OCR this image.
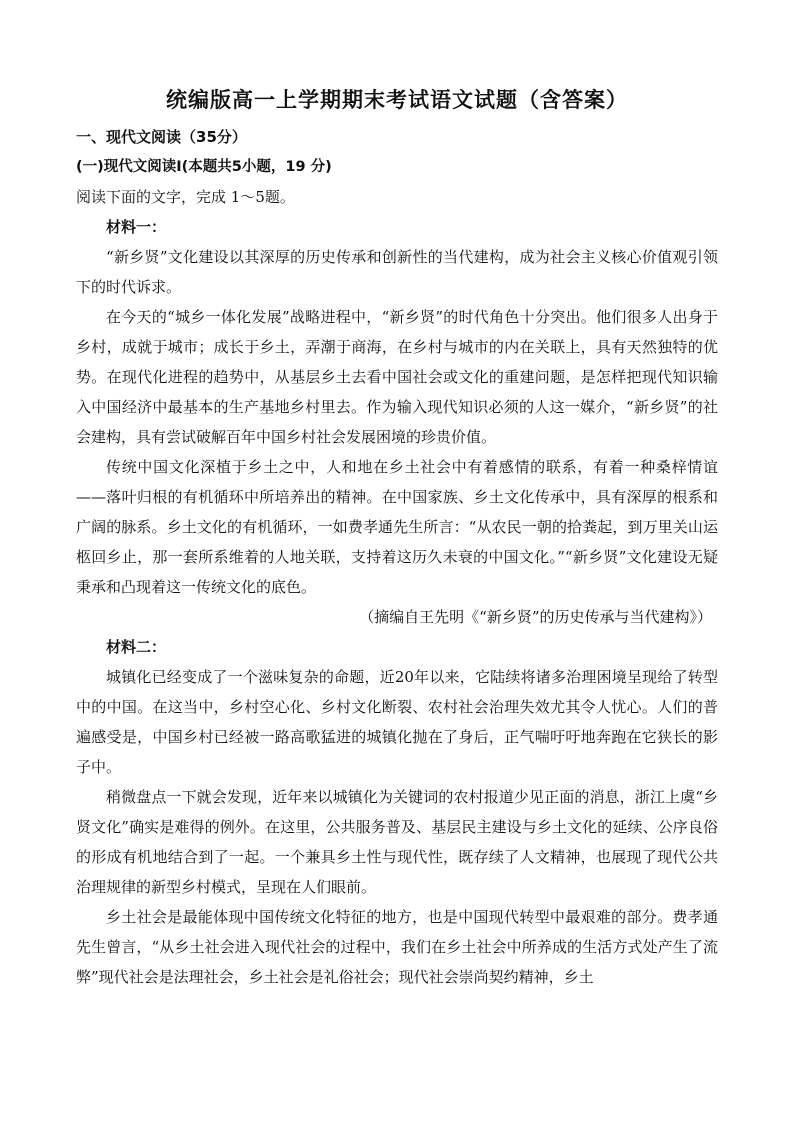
统编版高一上学期期末考试语文试题（含答案）

一、现代文阅读（35分）

(一)现代文阅读Ⅰ(本题共5小题，19 分)

阅读下面的文字，完成 1～5题。

材料一：

“新乡贤”文化建设以其深厚的历史传承和创新性的当代建构，成为社会主义核心价值观引领下的时代诉求。

在今天的“城乡一体化发展”战略进程中，“新乡贤”的时代角色十分突出。他们很多人出身于乡村，成就于城市；成长于乡土，弄潮于商海，在乡村与城市的内在关联上，具有天然独特的优势。在现代化进程的趋势中，从基层乡土去看中国社会或文化的重建问题，是怎样把现代知识输入中国经济中最基本的生产基地乡村里去。作为输入现代知识必须的人这一媒介，“新乡贤”的社会建构，具有尝试破解百年中国乡村社会发展困境的珍贵价值。

传统中国文化深植于乡土之中，人和地在乡土社会中有着感情的联系，有着一种桑梓情谊——落叶归根的有机循环中所培养出的精神。在中国家族、乡土文化传承中，具有深厚的根系和广阔的脉系。乡土文化的有机循环，一如费孝通先生所言：“从农民一朝的拾粪起，到万里关山运柩回乡止，那一套所系维着的人地关联，支持着这历久未衰的中国文化。”“新乡贤”文化建设无疑秉承和凸现着这一传统文化的底色。

（摘编自王先明《“新乡贤”的历史传承与当代建构》）

材料二：

城镇化已经变成了一个滋味复杂的命题，近20年以来，它陆续将诸多治理困境呈现给了转型中的中国。在这当中，乡村空心化、乡村文化断裂、农村社会治理失效尤其令人忧心。人们的普遍感受是，中国乡村已经被一路高歌猛进的城镇化抛在了身后，正气喘吁吁地奔跑在它狭长的影子中。

稍微盘点一下就会发现，近年来以城镇化为关键词的农村报道少见正面的消息，浙江上虞“乡贤文化”确实是难得的例外。在这里，公共服务普及、基层民主建设与乡土文化的延续、公序良俗的形成有机地结合到了一起。一个兼具乡土性与现代性，既存续了人文精神，也展现了现代公共治理规律的新型乡村模式，呈现在人们眼前。

乡土社会是最能体现中国传统文化特征的地方，也是中国现代转型中最艰难的部分。费孝通先生曾言，“从乡土社会进入现代社会的过程中，我们在乡土社会中所养成的生活方式处产生了流弊”现代社会是法理社会，乡土社会是礼俗社会；现代社会崇尚契约精神，乡土
